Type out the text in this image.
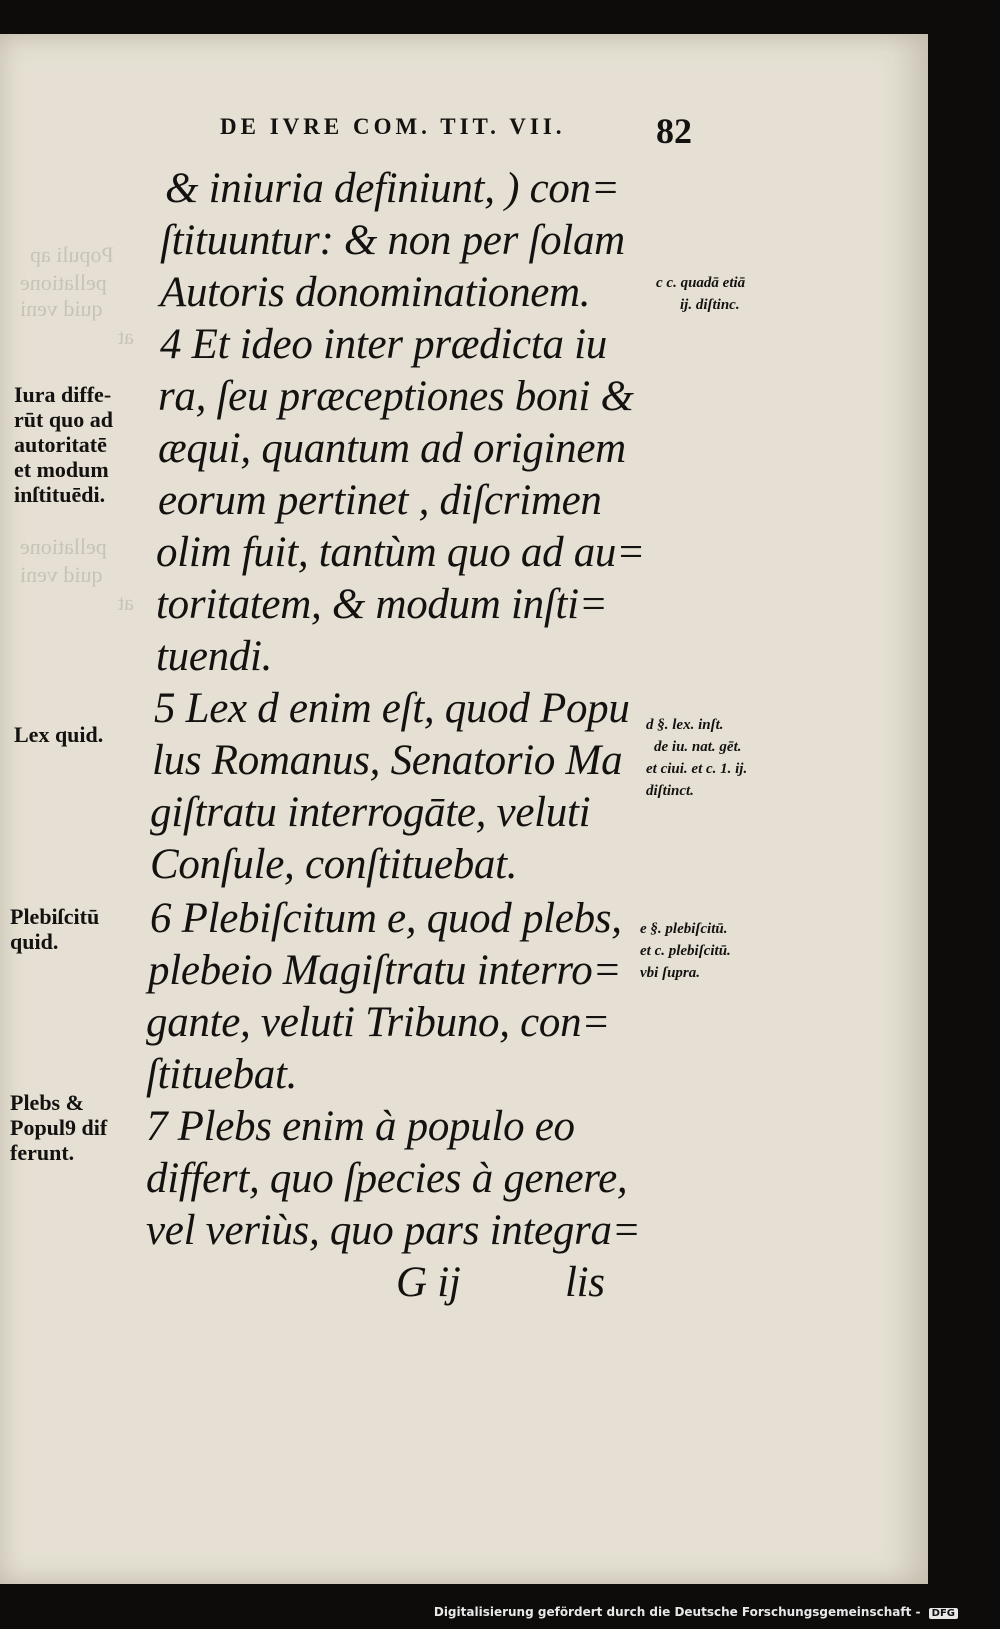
Populi ap
pellatione
quid veni
at
pellatione
quid veni
at
DE IVRE COM. TIT. VII.	82
& iniuria definiunt, ) con=
ſtituuntur: & non per ſolam
Autoris donominationem.
4 Et ideo inter prædicta iu
ra, ſeu præceptiones boni &
æqui, quantum ad originem
eorum pertinet , diſcrimen
olim fuit, tantùm quo ad au=
toritatem, & modum inſti=
tuendi.
5 Lex d enim eſt, quod Popu
lus Romanus, Senatorio Ma
giſtratu interrogāte, veluti
Conſule, conſtituebat.
6 Plebiſcitum e, quod plebs,
plebeio Magiſtratu interro=
gante, veluti Tribuno, con=
ſtituebat.
7 Plebs enim à populo eo
differt, quo ſpecies à genere,
vel veriùs, quo pars integra=
G ij          lis
Iura diffe-
rūt quo ad
autoritatē
et modum
inſtituēdi.
Lex quid.
Plebiſcitū
quid.
Plebs &
Popul9 dif
ferunt.
c c. quadā etiā
ij. diſtinc.
d §. lex. inſt.
de iu. nat. gēt.
et ciui. et c. 1. ij.
diſtinct.
e §. plebiſcitū.
et c. plebiſcitū.
vbi ſupra.
Digitalisierung gefördert durch die Deutsche Forschungsgemeinschaft - DFG
